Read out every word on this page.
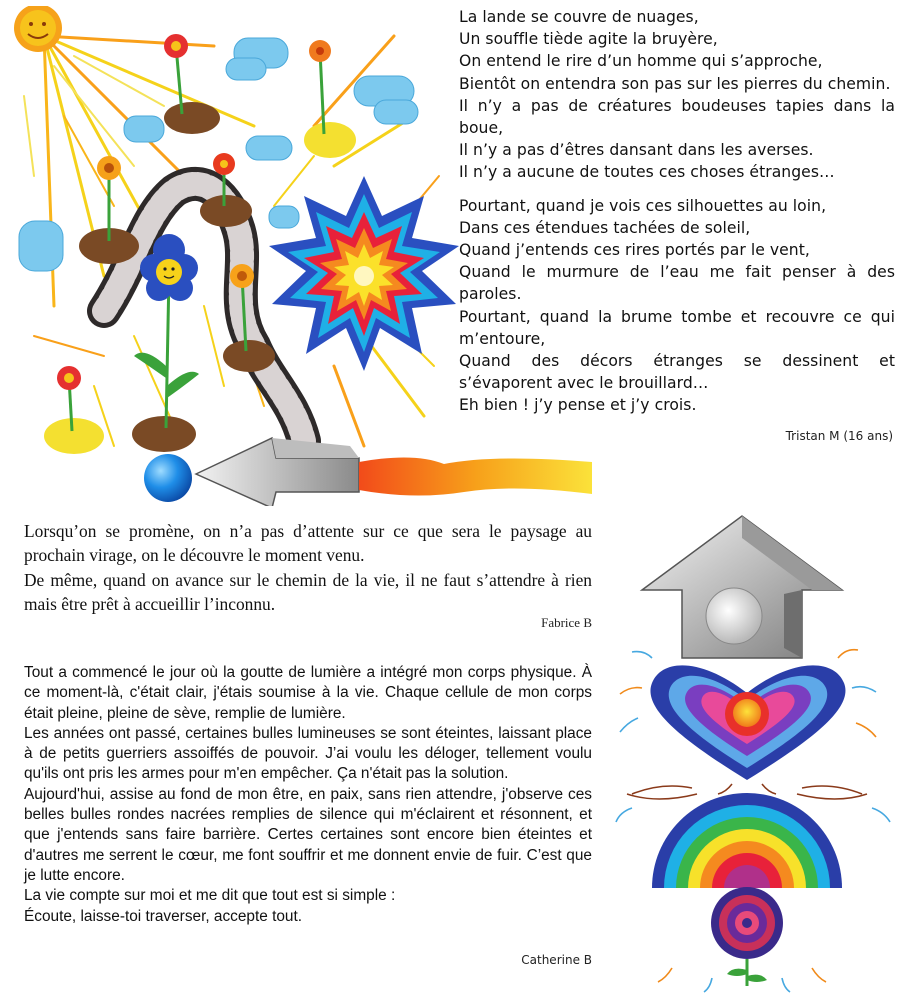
La lande se couvre de nuages,

Un souffle tiède agite la bruyère,

On entend le rire d’un homme qui s’approche,

Bientôt on entendra son pas sur les pierres du chemin.

Il n’y a pas de créatures boudeuses tapies dans la boue,

Il n’y a pas d’êtres dansant dans les averses.

Il n’y a aucune de toutes ces choses étranges…

Pourtant, quand je vois ces silhouettes au loin,

Dans ces étendues tachées de soleil,

Quand j’entends ces rires portés par le vent,

Quand le murmure de l’eau me fait penser à des paroles.

Pourtant, quand la brume tombe et recouvre ce qui m’entoure,

Quand des décors étranges se dessinent et s’évaporent avec le brouillard…

Eh bien ! j’y pense et j’y crois.

Tristan M (16 ans)

Lorsqu’on se promène, on n’a pas d’attente sur ce que sera le paysage au prochain virage, on le découvre le moment venu.

De même, quand on avance sur le chemin de la vie, il ne faut s’attendre à rien mais être prêt à accueillir l’inconnu.

Fabrice B

Tout a commencé le jour où la goutte de lumière a intégré mon corps physique. À ce moment-là, c'était clair, j'étais soumise à la vie. Chaque cellule de mon corps était pleine, pleine de sève, remplie de lumière.

Les années ont passé, certaines bulles lumineuses se sont éteintes, laissant place à de petits guerriers assoiffés de pouvoir. J’ai voulu les déloger, tellement voulu qu'ils ont pris les armes pour m'en empêcher. Ça n'était pas la solution.

Aujourd'hui, assise au fond de mon être, en paix, sans rien attendre, j'observe ces belles bulles rondes nacrées remplies de silence qui m'éclairent et résonnent, et que j'entends sans faire barrière. Certes certaines sont encore bien éteintes et d'autres me serrent le cœur, me font souffrir et me donnent envie de fuir. C’est que je lutte encore.

La vie compte sur moi et me dit que tout est si simple :

Écoute, laisse-toi traverser, accepte tout.

Catherine B
